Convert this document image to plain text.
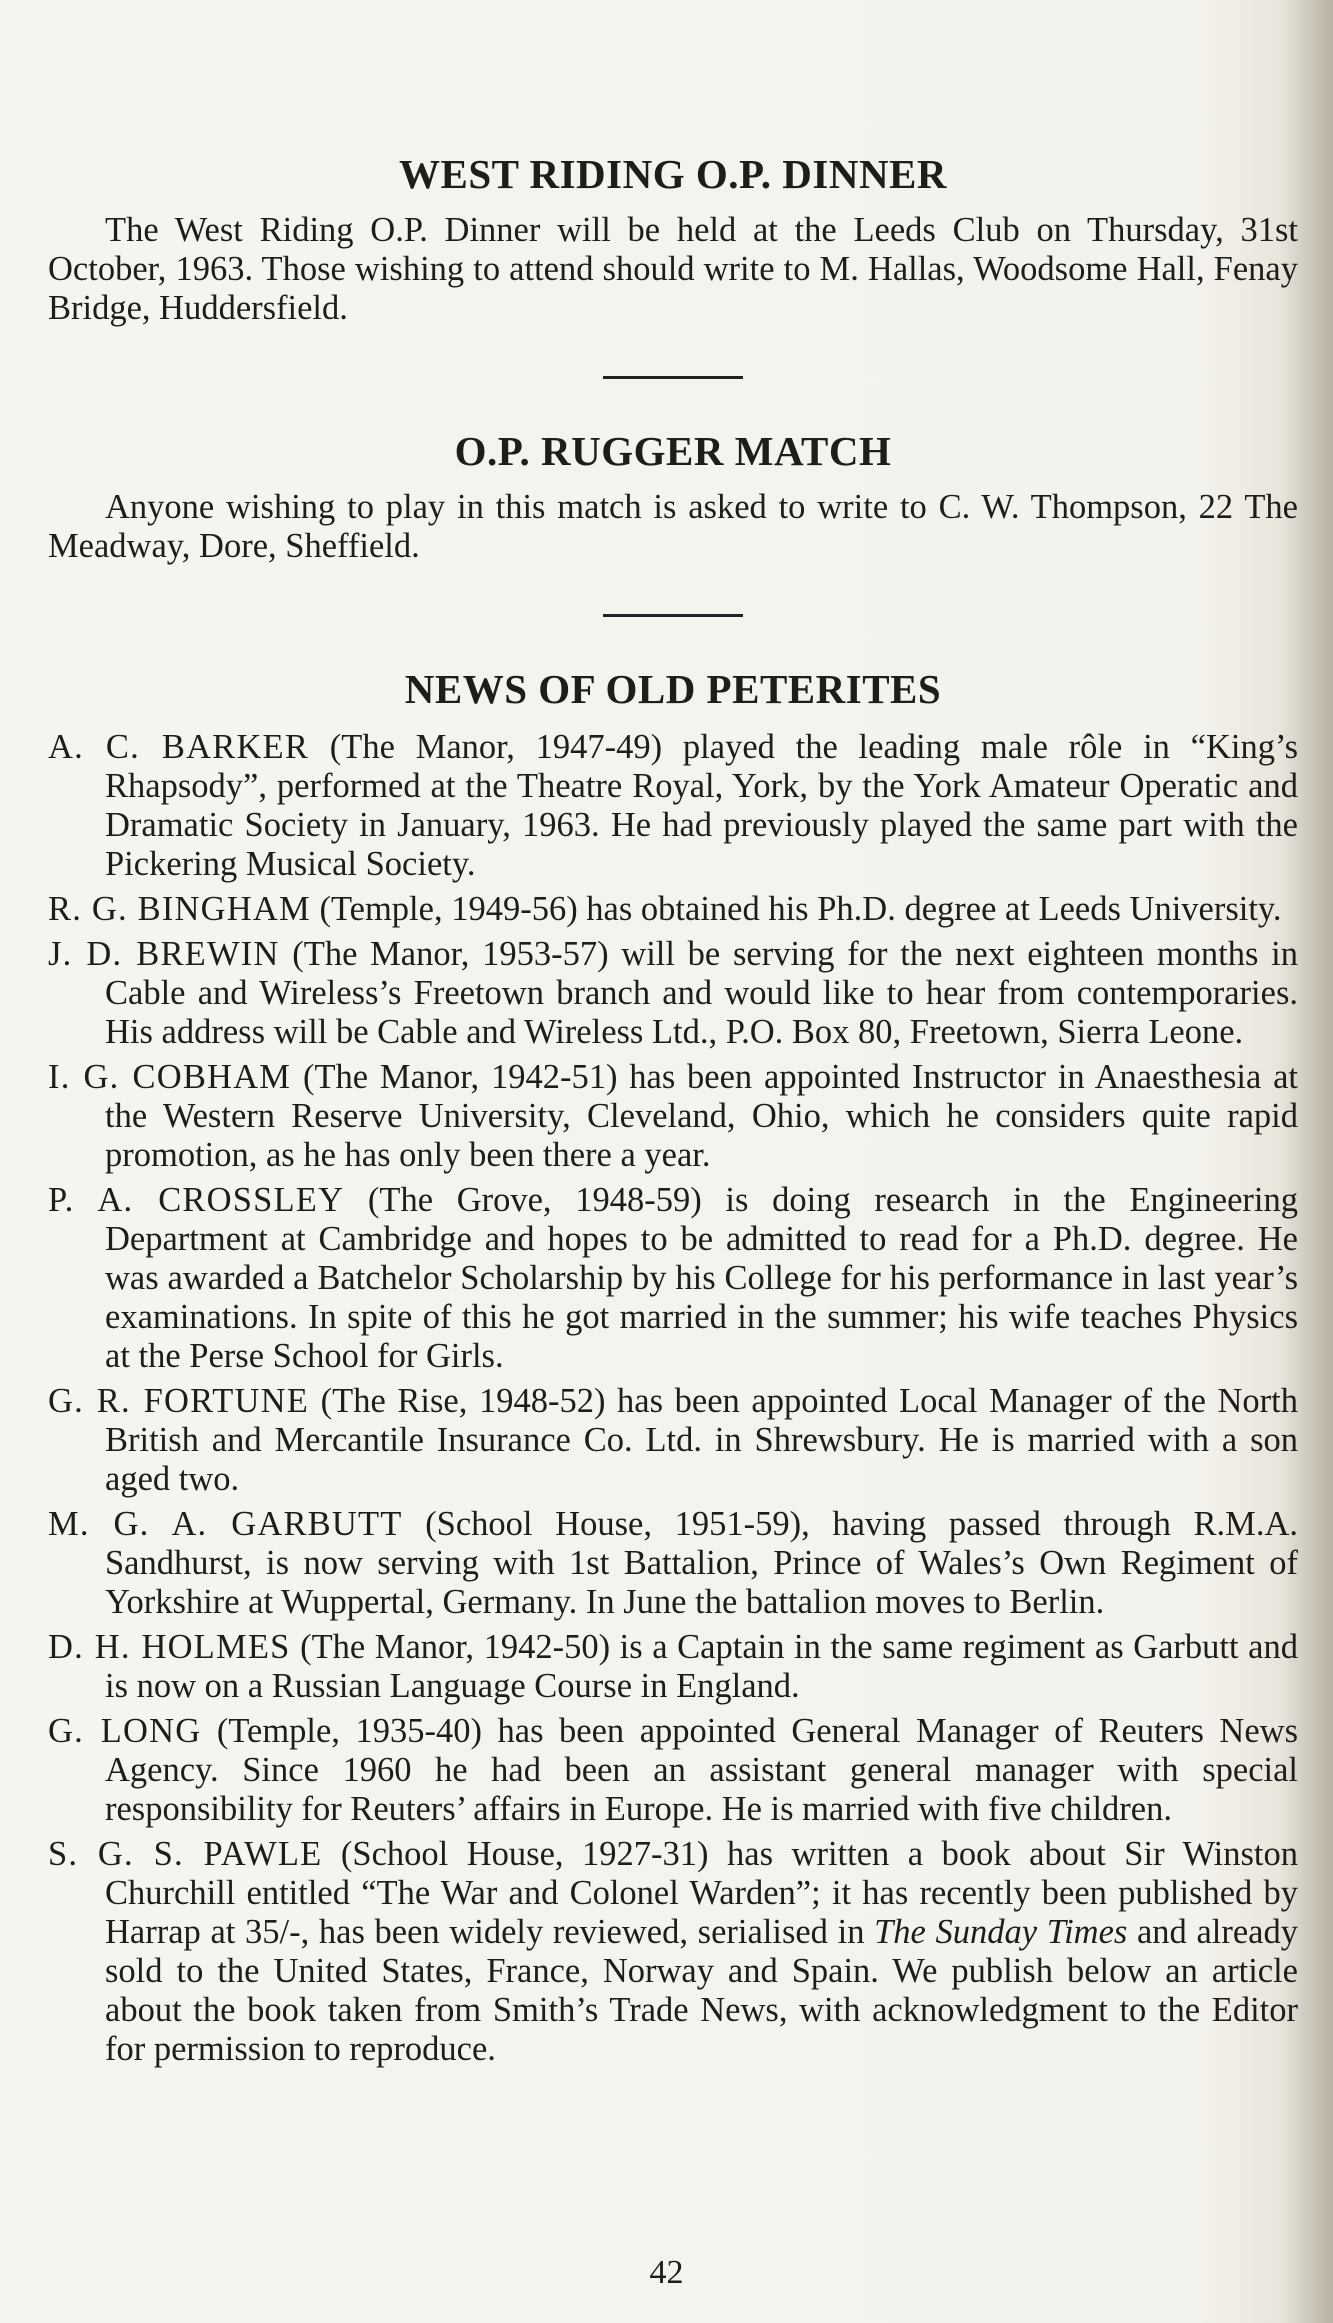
WEST RIDING O.P. DINNER

The West Riding O.P. Dinner will be held at the Leeds Club on Thursday, 31st October, 1963. Those wishing to attend should write to M. Hallas, Woodsome Hall, Fenay Bridge, Huddersfield.

O.P. RUGGER MATCH

Anyone wishing to play in this match is asked to write to C. W. Thompson, 22 The Meadway, Dore, Sheffield.

NEWS OF OLD PETERITES

A. C. BARKER (The Manor, 1947-49) played the leading male rôle in “King’s Rhapsody”, performed at the Theatre Royal, York, by the York Amateur Operatic and Dramatic Society in January, 1963. He had previously played the same part with the Pickering Musical Society.

R. G. BINGHAM (Temple, 1949-56) has obtained his Ph.D. degree at Leeds University.

J. D. BREWIN (The Manor, 1953-57) will be serving for the next eighteen months in Cable and Wireless’s Freetown branch and would like to hear from contemporaries. His address will be Cable and Wireless Ltd., P.O. Box 80, Freetown, Sierra Leone.

I. G. COBHAM (The Manor, 1942-51) has been appointed Instructor in Anaesthesia at the Western Reserve University, Cleveland, Ohio, which he considers quite rapid promotion, as he has only been there a year.

P. A. CROSSLEY (The Grove, 1948-59) is doing research in the Engineering Department at Cambridge and hopes to be admitted to read for a Ph.D. degree. He was awarded a Batchelor Scholarship by his College for his performance in last year’s examinations. In spite of this he got married in the summer; his wife teaches Physics at the Perse School for Girls.

G. R. FORTUNE (The Rise, 1948-52) has been appointed Local Manager of the North British and Mercantile Insurance Co. Ltd. in Shrewsbury. He is married with a son aged two.

M. G. A. GARBUTT (School House, 1951-59), having passed through R.M.A. Sandhurst, is now serving with 1st Battalion, Prince of Wales’s Own Regiment of Yorkshire at Wuppertal, Germany. In June the battalion moves to Berlin.

D. H. HOLMES (The Manor, 1942-50) is a Captain in the same regiment as Garbutt and is now on a Russian Language Course in England.

G. LONG (Temple, 1935-40) has been appointed General Manager of Reuters News Agency. Since 1960 he had been an assistant general manager with special responsibility for Reuters’ affairs in Europe. He is married with five children.

S. G. S. PAWLE (School House, 1927-31) has written a book about Sir Winston Churchill entitled “The War and Colonel Warden”; it has recently been published by Harrap at 35/-, has been widely reviewed, serialised in The Sunday Times and already sold to the United States, France, Norway and Spain. We publish below an article about the book taken from Smith’s Trade News, with acknowledgment to the Editor for permission to reproduce.

42
